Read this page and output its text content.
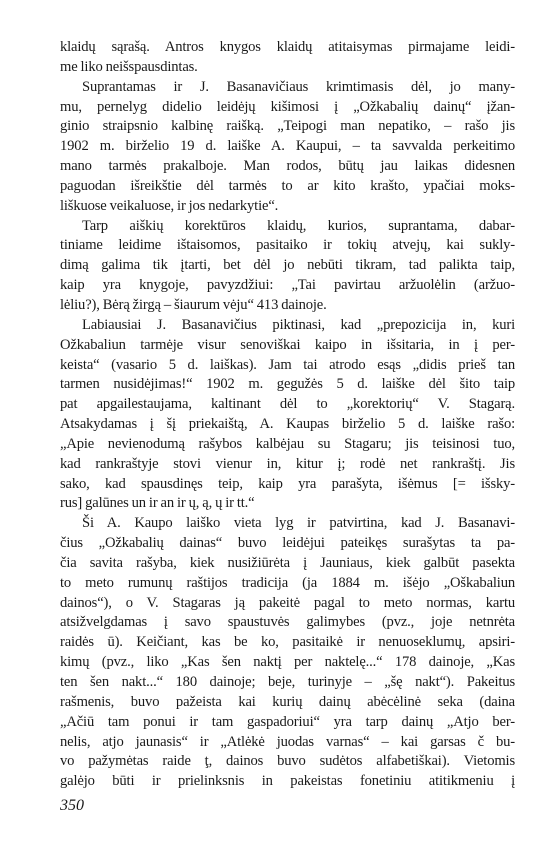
klaidų sąrašą. Antros knygos klaidų atitaisymas pirmajame leidi-
me liko neišspausdintas.
Suprantamas ir J. Basanavičiaus krimtimasis dėl, jo many-
mu, pernelyg didelio leidėjų kišimosi į „Ožkabalių dainų“ įžan-
ginio straipsnio kalbinę raišką. „Teipogi man nepatiko, – rašo jis
1902 m. birželio 19 d. laiške A. Kaupui, – ta savvalda perkeitimo
mano tarmės prakalboje. Man rodos, būtų jau laikas didesnen
paguodan išreikštie dėl tarmės to ar kito krašto, ypačiai moks-
liškuose veikaluose, ir jos nedarkytie“.
Tarp aiškių korektūros klaidų, kurios, suprantama, dabar-
tiniame leidime ištaisomos, pasitaiko ir tokių atvejų, kai sukly-
dimą galima tik įtarti, bet dėl jo nebūti tikram, tad palikta taip,
kaip yra knygoje, pavyzdžiui: „Tai pavirtau aržuolėlin (aržuo-
lėliu?), Bėrą žirgą – šiaurum vėju“ 413 dainoje.
Labiausiai J. Basanavičius piktinasi, kad „prepozicija in, kuri
Ožkabaliun tarmėje visur senoviškai kaipo in išsitaria, in į per-
keista“ (vasario 5 d. laiškas). Jam tai atrodo esąs „didis prieš tan
tarmen nusidėjimas!“ 1902 m. gegužės 5 d. laiške dėl šito taip
pat apgailestaujama, kaltinant dėl to „korektorių“ V. Stagarą.
Atsakydamas į šį priekaištą, A. Kaupas birželio 5 d. laiške rašo:
„Apie nevienodumą rašybos kalbėjau su Stagaru; jis teisinosi tuo,
kad rankraštyje stovi vienur in, kitur į; rodė net rankraštį. Jis
sako, kad spausdinęs teip, kaip yra parašyta, išėmus [= išsky-
rus] galūnes un ir an ir ų, ą, ų ir tt.“
Ši A. Kaupo laiško vieta lyg ir patvirtina, kad J. Basanavi-
čius „Ožkabalių dainas“ buvo leidėjui pateikęs surašytas ta pa-
čia savita rašyba, kiek nusižiūrėta į Jauniaus, kiek galbūt pasekta
to meto rumunų raštijos tradicija (ja 1884 m. išėjo „Oškabaliun
dainos“), o V. Stagaras ją pakeitė pagal to meto normas, kartu
atsižvelgdamas į savo spaustuvės galimybes (pvz., joje netnrėta
raidės ū). Keičiant, kas be ko, pasitaikė ir nenuoseklumų, apsiri-
kimų (pvz., liko „Kas šen naktį per naktelę...“ 178 dainoje, „Kas
ten šen nakt...“ 180 dainoje; beje, turinyje – „šę nakt“). Pakeitus
rašmenis, buvo pažeista kai kurių dainų abėcėlinė seka (daina
„Ačiū tam ponui ir tam gaspadoriui“ yra tarp dainų „Atjo ber-
nelis, atjo jaunasis“ ir „Atlėkė juodas varnas“ – kai garsas č bu-
vo pažymėtas raide ţ, dainos buvo sudėtos alfabetiškai). Vietomis
galėjo būti ir prielinksnis in pakeistas fonetiniu atitikmeniu į
350
